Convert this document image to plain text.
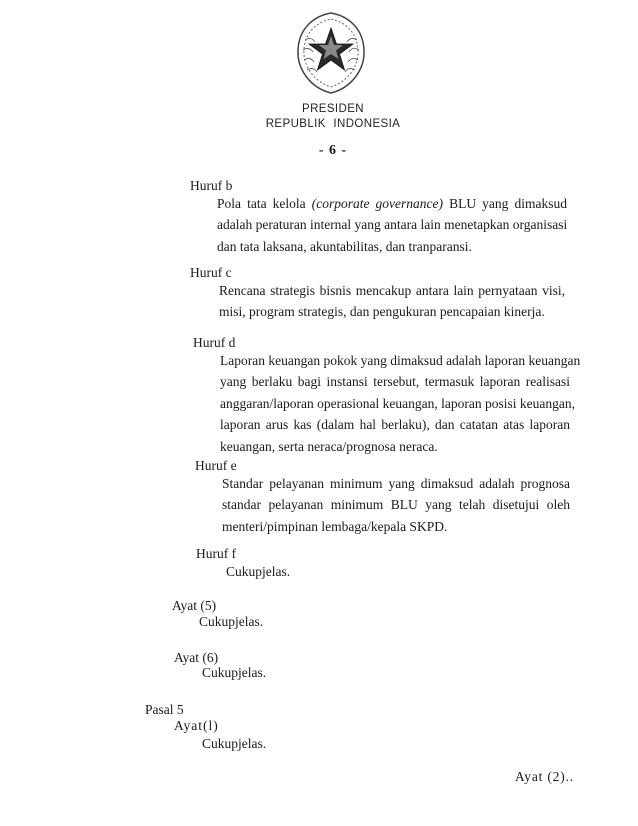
PRESIDEN
REPUBLIK INDONESIA
- 6 -
Huruf b
Pola tata kelola (corporate governance) BLU yang dimaksud
adalah peraturan internal yang antara lain menetapkan organisasi
dan tata laksana, akuntabilitas, dan tranparansi.
Huruf c
Rencana strategis bisnis mencakup antara lain pernyataan visi,
misi, program strategis, dan pengukuran pencapaian kinerja.
Huruf d
Laporan keuangan pokok yang dimaksud adalah laporan keuangan
yang berlaku bagi instansi tersebut, termasuk laporan realisasi
anggaran/laporan operasional keuangan, laporan posisi keuangan,
laporan arus kas (dalam hal berlaku), dan catatan atas laporan
keuangan, serta neraca/prognosa neraca.
Huruf e
Standar pelayanan minimum yang dimaksud adalah prognosa
standar pelayanan minimum BLU yang telah disetujui oleh
menteri/pimpinan lembaga/kepala SKPD.
Huruf f
Cukupjelas.
Ayat (5)
Cukupjelas.
Ayat (6)
Cukupjelas.
Pasal 5
Ayat(l)
Cukupjelas.
Ayat (2)..
